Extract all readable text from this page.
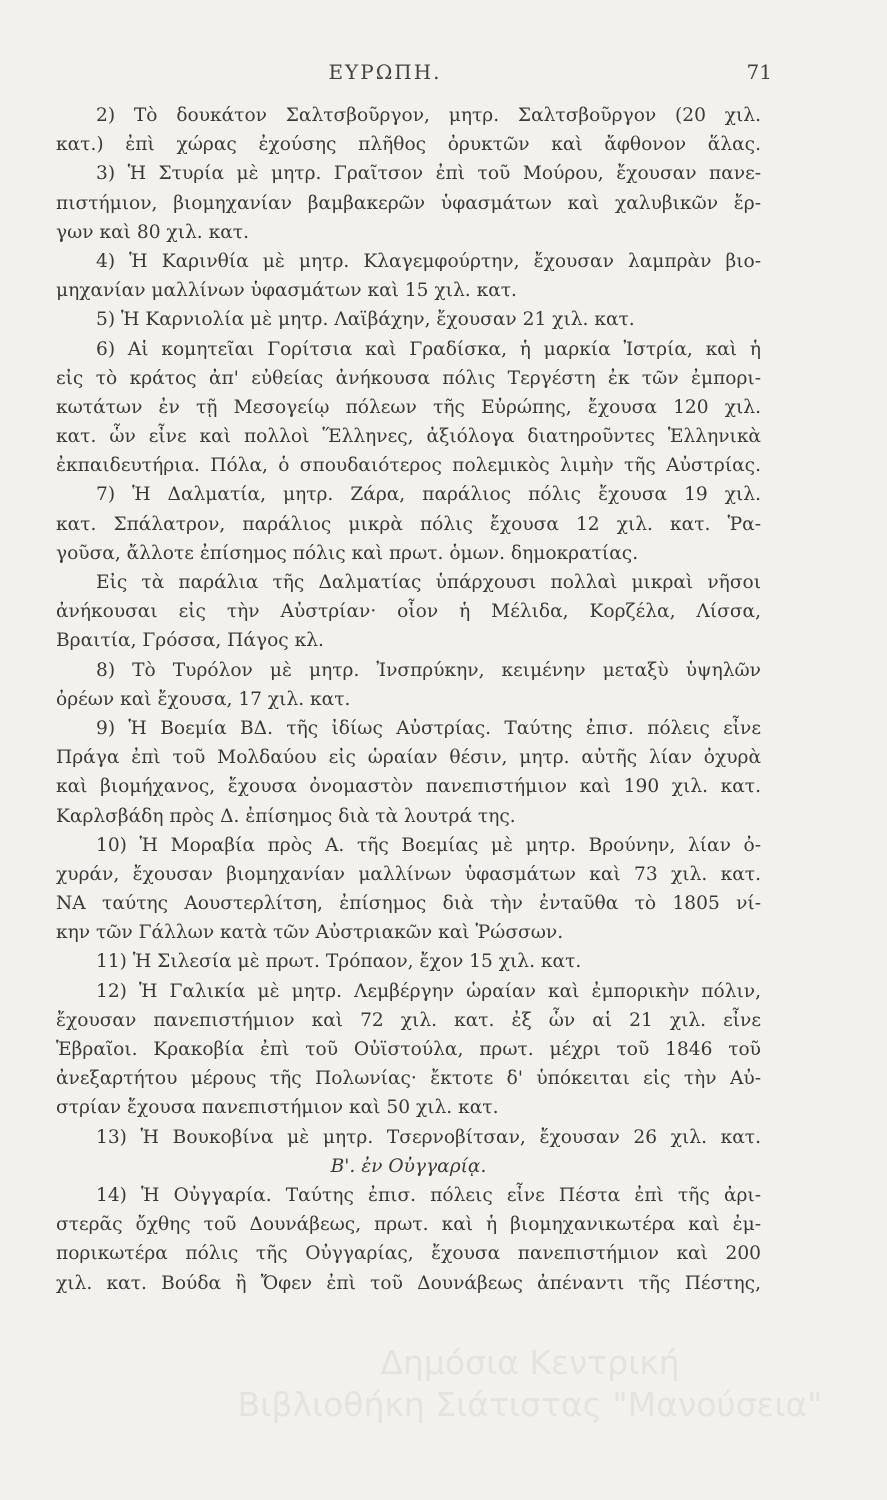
ΕΥΡΩΠΗ.	71
2) Τὸ δουκάτον Σαλτσβοῦργον, μητρ. Σαλτσβοῦργον (20 χιλ.
κατ.) ἐπὶ χώρας ἐχούσης πλῆθος ὀρυκτῶν καὶ ἄφθονον ἅλας.
3) Ἡ Στυρία μὲ μητρ. Γραῖτσον ἐπὶ τοῦ Μούρου, ἔχουσαν πανε-
πιστήμιον, βιομηχανίαν βαμβακερῶν ὑφασμάτων καὶ χαλυβικῶν ἔρ-
γων καὶ 80 χιλ. κατ.
4) Ἡ Καρινθία μὲ μητρ. Κλαγεμφούρτην, ἔχουσαν λαμπρὰν βιο-
μηχανίαν μαλλίνων ὑφασμάτων καὶ 15 χιλ. κατ.
5) Ἡ Καρνιολία μὲ μητρ. Λαϊβάχην, ἔχουσαν 21 χιλ. κατ.
6) Αἱ κομητεῖαι Γορίτσια καὶ Γραδίσκα, ἡ μαρκία Ἰστρία, καὶ ἡ
εἰς τὸ κράτος ἀπ' εὐθείας ἀνήκουσα πόλις Τεργέστη ἐκ τῶν ἐμπορι-
κωτάτων ἐν τῇ Μεσογείῳ πόλεων τῆς Εὐρώπης, ἔχουσα 120 χιλ.
κατ. ὧν εἶνε καὶ πολλοὶ Ἕλληνες, ἀξιόλογα διατηροῦντες Ἑλληνικὰ
ἐκπαιδευτήρια. Πόλα, ὁ σπουδαιότερος πολεμικὸς λιμὴν τῆς Αὐστρίας.
7) Ἡ Δαλματία, μητρ. Ζάρα, παράλιος πόλις ἔχουσα 19 χιλ.
κατ. Σπάλατρον, παράλιος μικρὰ πόλις ἔχουσα 12 χιλ. κατ. Ῥα-
γοῦσα, ἄλλοτε ἐπίσημος πόλις καὶ πρωτ. ὁμων. δημοκρατίας.
Εἰς τὰ παράλια τῆς Δαλματίας ὑπάρχουσι πολλαὶ μικραὶ νῆσοι
ἀνήκουσαι εἰς τὴν Αὐστρίαν· οἷον ἡ Μέλιδα, Κορζέλα, Λίσσα,
Βραιτία, Γρόσσα, Πάγος κλ.
8) Τὸ Τυρόλον μὲ μητρ. Ἰνσπρύκην, κειμένην μεταξὺ ὑψηλῶν
ὀρέων καὶ ἔχουσα, 17 χιλ. κατ.
9) Ἡ Βοεμία ΒΔ. τῆς ἰδίως Αὐστρίας. Ταύτης ἐπισ. πόλεις εἶνε
Πράγα ἐπὶ τοῦ Μολδαύου εἰς ὡραίαν θέσιν, μητρ. αὐτῆς λίαν ὀχυρὰ
καὶ βιομήχανος, ἔχουσα ὀνομαστὸν πανεπιστήμιον καὶ 190 χιλ. κατ.
Καρλσβάδη πρὸς Δ. ἐπίσημος διὰ τὰ λουτρά της.
10) Ἡ Μοραβία πρὸς Α. τῆς Βοεμίας μὲ μητρ. Βρούνην, λίαν ὀ-
χυράν, ἔχουσαν βιομηχανίαν μαλλίνων ὑφασμάτων καὶ 73 χιλ. κατ.
ΝΑ ταύτης Αουστερλίτση, ἐπίσημος διὰ τὴν ἐνταῦθα τὸ 1805 νί-
κην τῶν Γάλλων κατὰ τῶν Αὐστριακῶν καὶ Ῥώσσων.
11) Ἡ Σιλεσία μὲ πρωτ. Τρόπαον, ἔχον 15 χιλ. κατ.
12) Ἡ Γαλικία μὲ μητρ. Λεμβέργην ὡραίαν καὶ ἐμπορικὴν πόλιν,
ἔχουσαν πανεπιστήμιον καὶ 72 χιλ. κατ. ἐξ ὧν αἱ 21 χιλ. εἶνε
Ἑβραῖοι. Κρακοβία ἐπὶ τοῦ Οὐϊστούλα, πρωτ. μέχρι τοῦ 1846 τοῦ
ἀνεξαρτήτου μέρους τῆς Πολωνίας· ἔκτοτε δ' ὑπόκειται εἰς τὴν Αὐ-
στρίαν ἔχουσα πανεπιστήμιον καὶ 50 χιλ. κατ.
13) Ἡ Βουκοβίνα μὲ μητρ. Τσερνοβίτσαν, ἔχουσαν 26 χιλ. κατ.
Β'. ἐν Οὐγγαρίᾳ.
14) Ἡ Οὐγγαρία. Ταύτης ἐπισ. πόλεις εἶνε Πέστα ἐπὶ τῆς ἀρι-
στερᾶς ὄχθης τοῦ Δουνάβεως, πρωτ. καὶ ἡ βιομηχανικωτέρα καὶ ἐμ-
πορικωτέρα πόλις τῆς Οὐγγαρίας, ἔχουσα πανεπιστήμιον καὶ 200
χιλ. κατ. Βούδα ἢ Ὄφεν ἐπὶ τοῦ Δουνάβεως ἀπέναντι τῆς Πέστης,
Δημόσια Κεντρική
Βιβλιοθήκη Σιάτιστας "Μανούσεια"
